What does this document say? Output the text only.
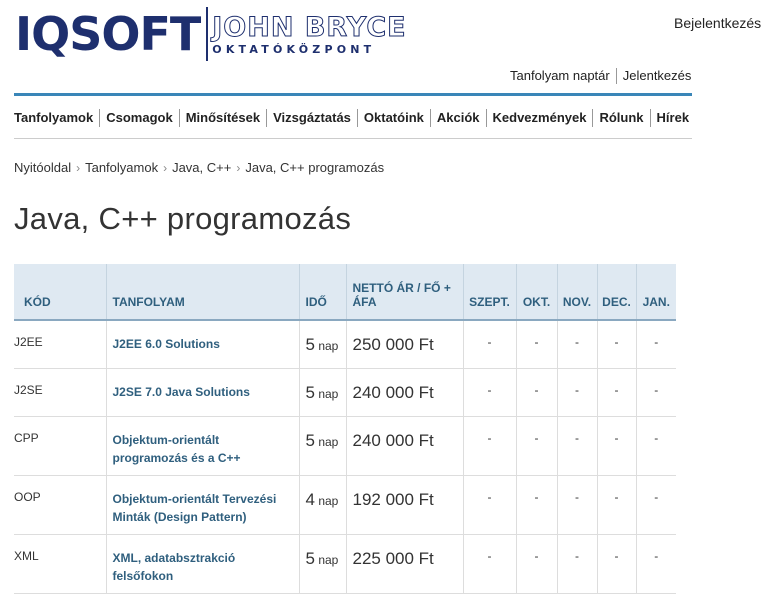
IQSOFT JOHN BRYCE
OKTATÓKÖZPONT
Bejelentkezés
Tanfolyam naptár Jelentkezés
Tanfolyamok	Csomagok	Minősítések	Vizsgáztatás	Oktatóink	Akciók	Kedvezmények	Rólunk	Hírek
Nyitóoldal › Tanfolyamok › Java, C++ › Java, C++ programozás
Java, C++ programozás
KÓD	TANFOLYAM	IDŐ	NETTÓ ÁR / FŐ + ÁFA	SZEPT.	OKT.	NOV.	DEC.	JAN.
J2EE	J2EE 6.0 Solutions	5 nap	250 000 Ft	-	-	-	-	-
J2SE	J2SE 7.0 Java Solutions	5 nap	240 000 Ft	-	-	-	-	-
CPP	Objektum-orientált programozás és a C++	5 nap	240 000 Ft	-	-	-	-	-
OOP	Objektum-orientált Tervezési Minták (Design Pattern)	4 nap	192 000 Ft	-	-	-	-	-
XML	XML, adatabsztrakció felsőfokon	5 nap	225 000 Ft	-	-	-	-	-
